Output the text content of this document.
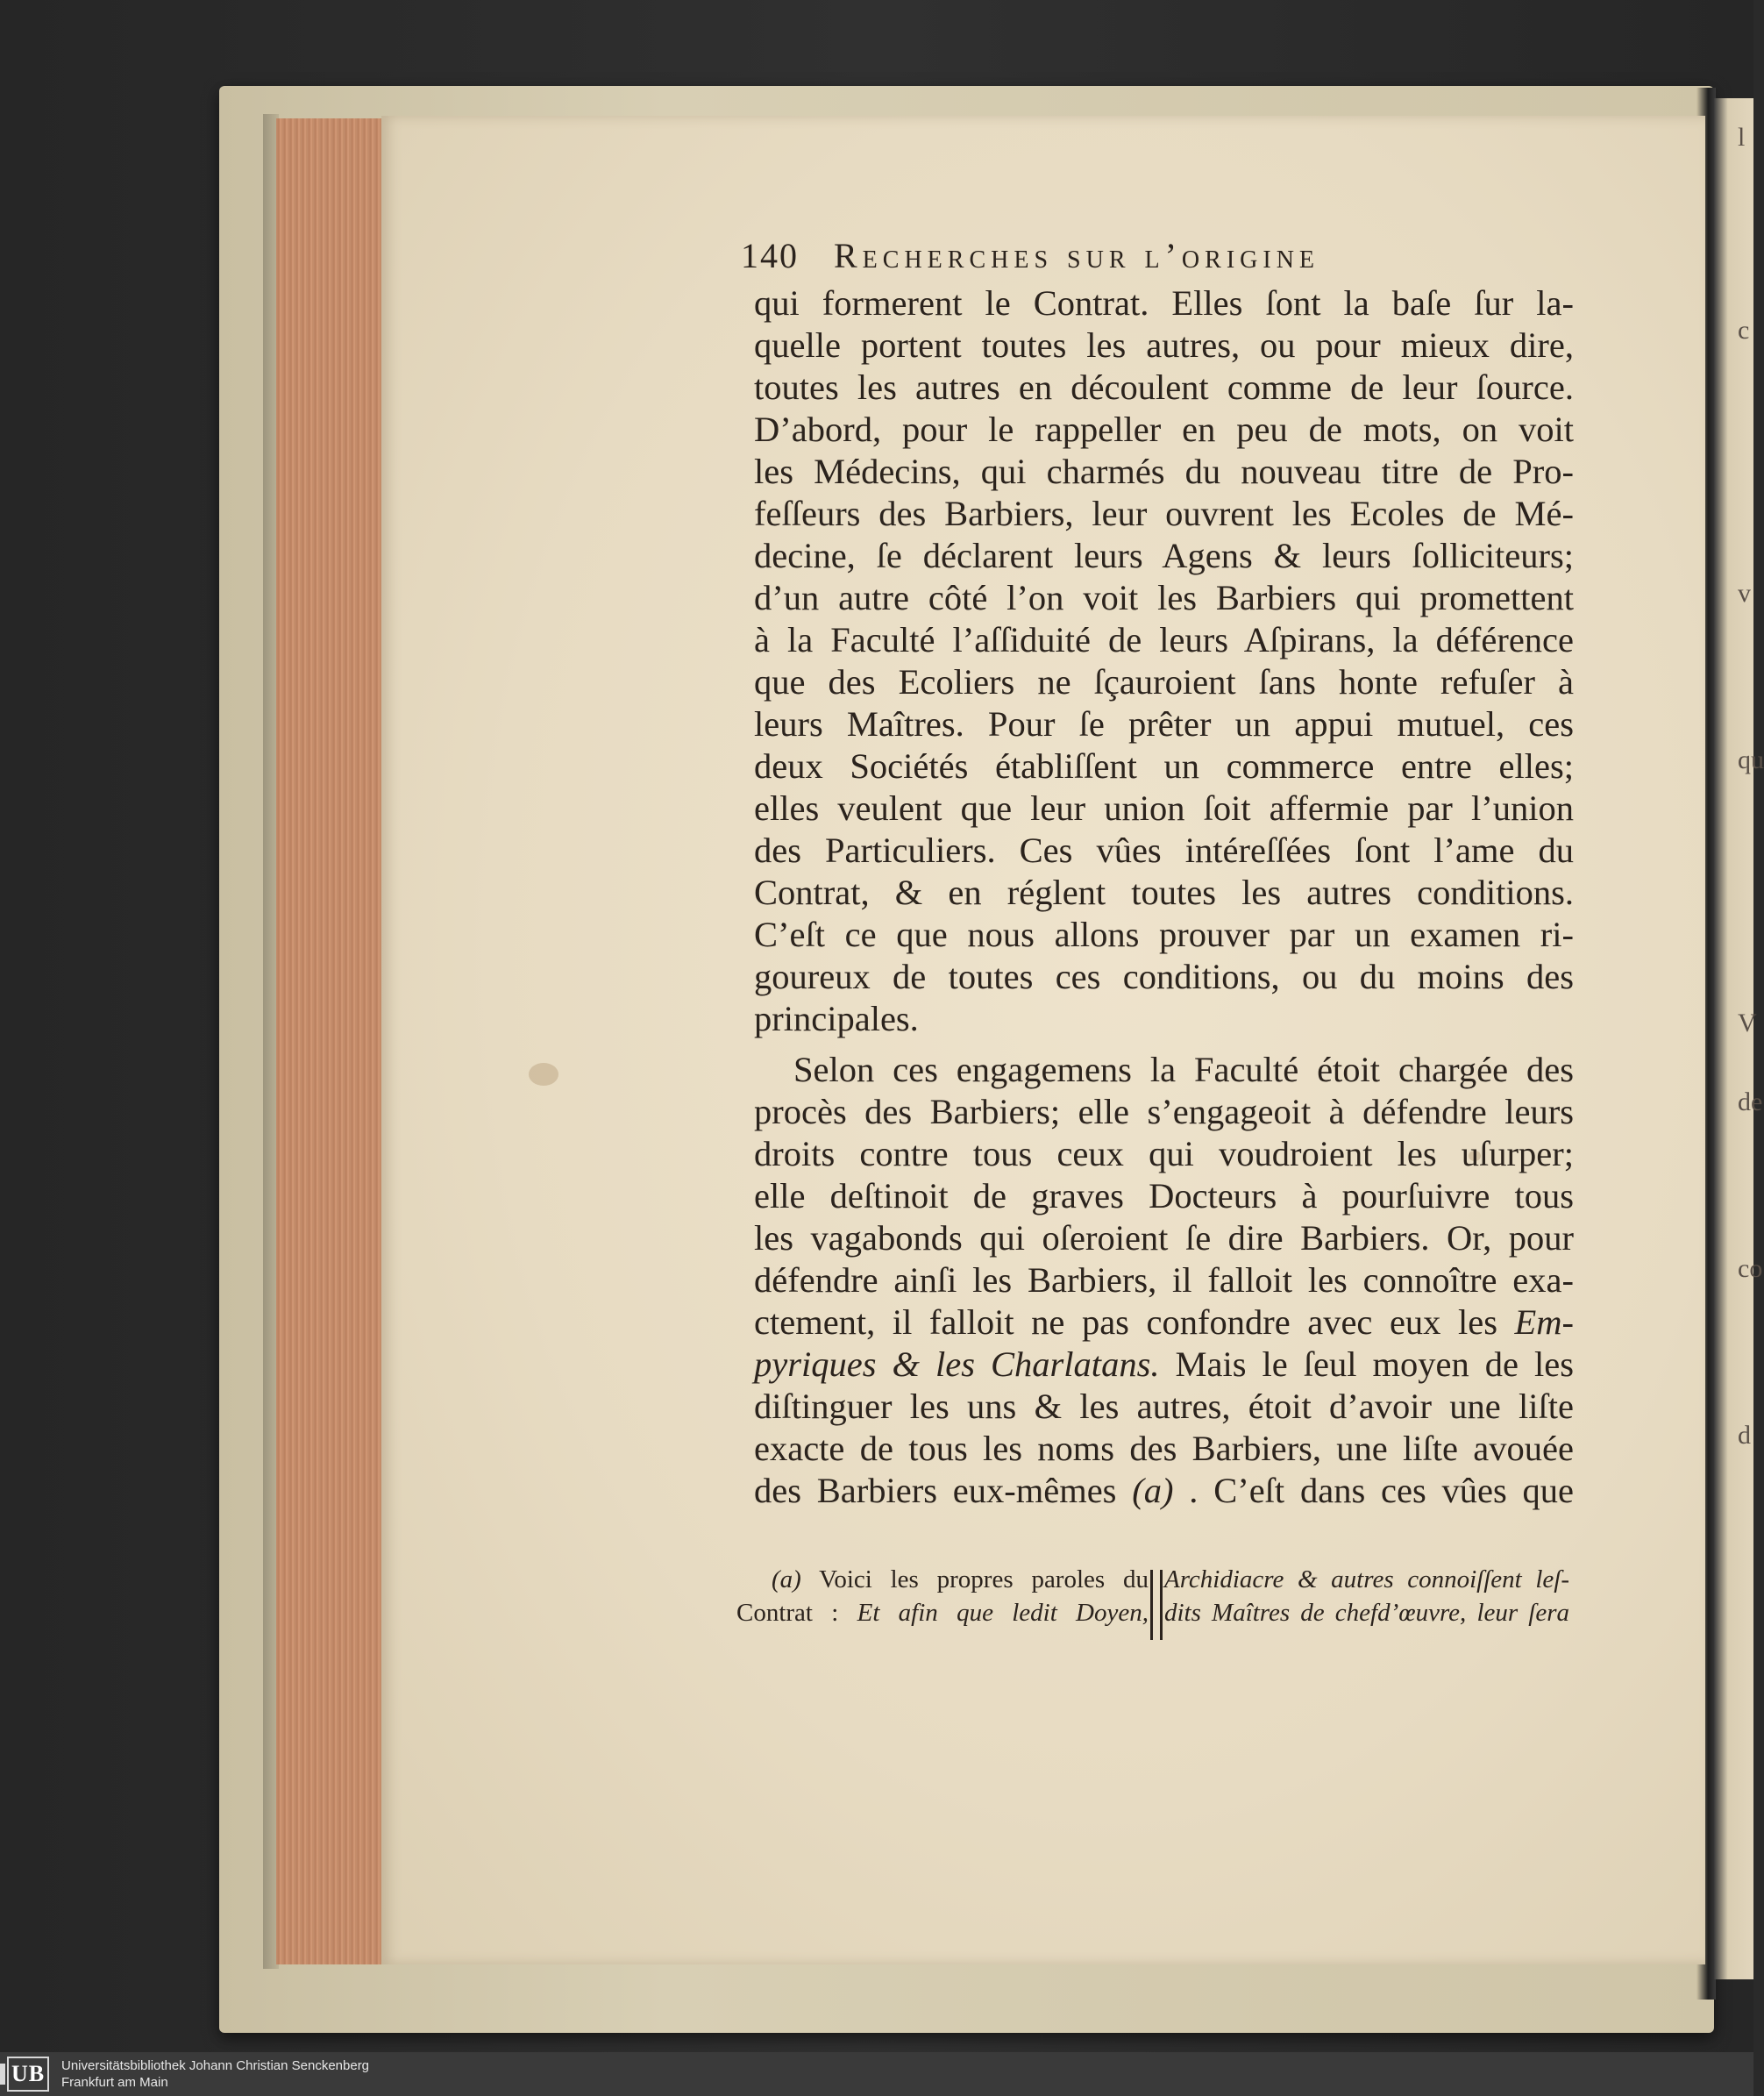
l
c
v
qu
V
de
co
d
140 Recherches sur l’origine
qui formerent le Contrat. Elles ſont la baſe ſur la-
quelle portent toutes les autres, ou pour mieux dire,
toutes les autres en découlent comme de leur ſource.
D’abord, pour le rappeller en peu de mots, on voit
les Médecins, qui charmés du nouveau titre de Pro-
feſſeurs des Barbiers, leur ouvrent les Ecoles de Mé-
decine, ſe déclarent leurs Agens & leurs ſolliciteurs;
d’un autre côté l’on voit les Barbiers qui promettent
à la Faculté l’aſſiduité de leurs Aſpirans, la déférence
que des Ecoliers ne ſçauroient ſans honte refuſer à
leurs Maîtres. Pour ſe prêter un appui mutuel, ces
deux Sociétés établiſſent un commerce entre elles;
elles veulent que leur union ſoit affermie par l’union
des Particuliers. Ces vûes intéreſſées ſont l’ame du
Contrat, & en réglent toutes les autres conditions.
C’eſt ce que nous allons prouver par un examen ri-
goureux de toutes ces conditions, ou du moins des
principales.
Selon ces engagemens la Faculté étoit chargée des
procès des Barbiers; elle s’engageoit à défendre leurs
droits contre tous ceux qui voudroient les uſurper;
elle deſtinoit de graves Docteurs à pourſuivre tous
les vagabonds qui oſeroient ſe dire Barbiers. Or, pour
défendre ainſi les Barbiers, il falloit les connoître exa-
ctement, il falloit ne pas confondre avec eux les Em-
pyriques & les Charlatans. Mais le ſeul moyen de les
diſtinguer les uns & les autres, étoit d’avoir une liſte
exacte de tous les noms des Barbiers, une liſte avouée
des Barbiers eux-mêmes (a) . C’eſt dans ces vûes que
(a) Voici les propres paroles du
Contrat : Et afin que ledit Doyen,
Archidiacre & autres connoiſſent leſ-
dits Maîtres de chefd’œuvre, leur ſera
UB Universitätsbibliothek Johann Christian Senckenberg
Frankfurt am Main
